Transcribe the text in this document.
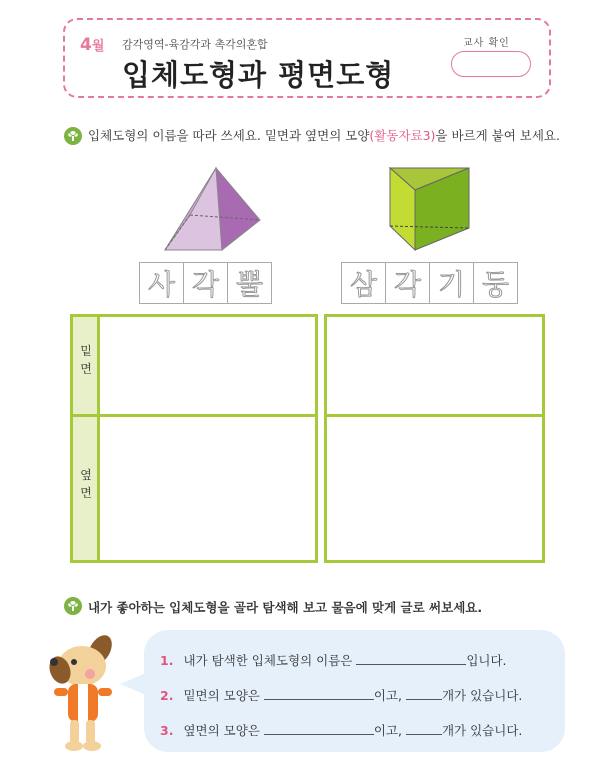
4월 감각영역-육감각과 촉각의혼합
입체도형과 평면도형
교사 확인
입체도형의 이름을 따라 쓰세요. 밑면과 옆면의 모양(활동자료3)을 바르게 붙여 보세요.
사 각 뿔	삼 각 기 둥
밑
면
옆
면
내가 좋아하는 입체도형을 골라 탐색해 보고 물음에 맞게 글로 써보세요.
1. 내가 탐색한 입체도형의 이름은	입니다.
2. 밑면의 모양은	이고,	개가 있습니다.
3. 옆면의 모양은	이고,	개가 있습니다.
